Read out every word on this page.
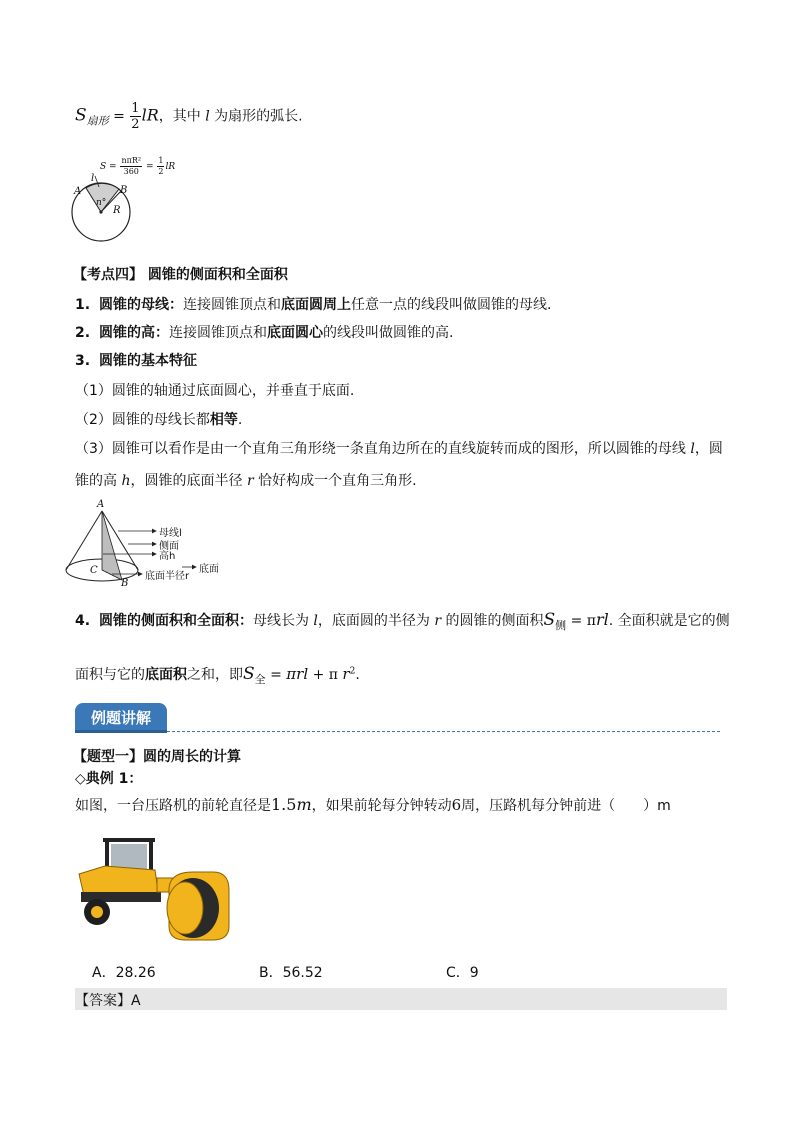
$S_{扇形} = \frac{1}{2}$ lR，其中 l 为扇形的弧长.
$S = \frac{\text{nπR²}}{360} = \frac{1}{2}$ lR
A	B
l
n°
R
【考点四】 圆锥的侧面积和全面积
1. 圆锥的母线：连接圆锥顶点和底面圆周上任意一点的线段叫做圆锥的母线.
2. 圆锥的高：连接圆锥顶点和底面圆心的线段叫做圆锥的高.
3. 圆锥的基本特征
（1）圆锥的轴通过底面圆心，并垂直于底面.
（2）圆锥的母线长都相等.
（3）圆锥可以看作是由一个直角三角形绕一条直角边所在的直线旋转而成的图形，所以圆锥的母线 l，圆
锥的高 h，圆锥的底面半径 r 恰好构成一个直角三角形.
A
C
B
母线l
侧面
高h
底面半径r
底面
4. 圆锥的侧面积和全面积：母线长为 l，底面圆的半径为 r 的圆锥的侧面积$S_侧 = \pi rl$. 全面积就是它的侧
面积与它的底面积之和，即$S_全 = \pi rl + \pi$ $r^2$.
例题讲解
【题型一】圆的周长的计算
◇典例 1：
如图，一台压路机的前轮直径是1.5m，如果前轮每分钟转动6周，压路机每分钟前进（　　）m
A．28.26	B．56.52	C．9
【答案】A
